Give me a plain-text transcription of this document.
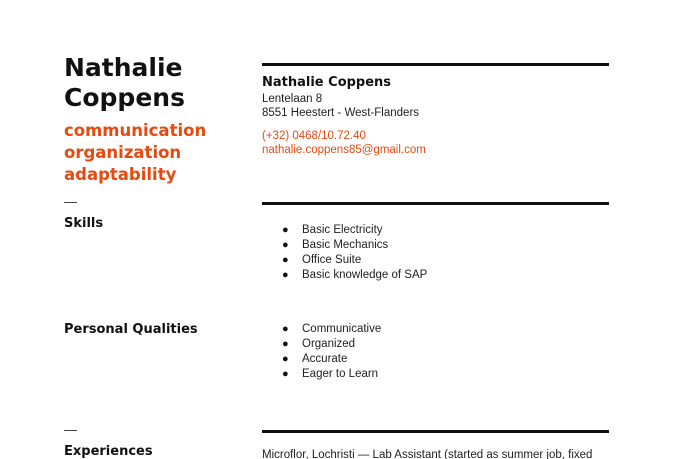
Nathalie
Coppens
communication
organization
adaptability
Skills
Personal Qualities
Experiences
Nathalie Coppens
Lentelaan 8
8551 Heestert - West-Flanders
(+32) 0468/10.72.40
nathalie.coppens85@gmail.com
● Basic Electricity
● Basic Mechanics
● Office Suite
● Basic knowledge of SAP
● Communicative
● Organized
● Accurate
● Eager to Learn
Microflor, Lochristi — Lab Assistant (started as summer job, fixed
